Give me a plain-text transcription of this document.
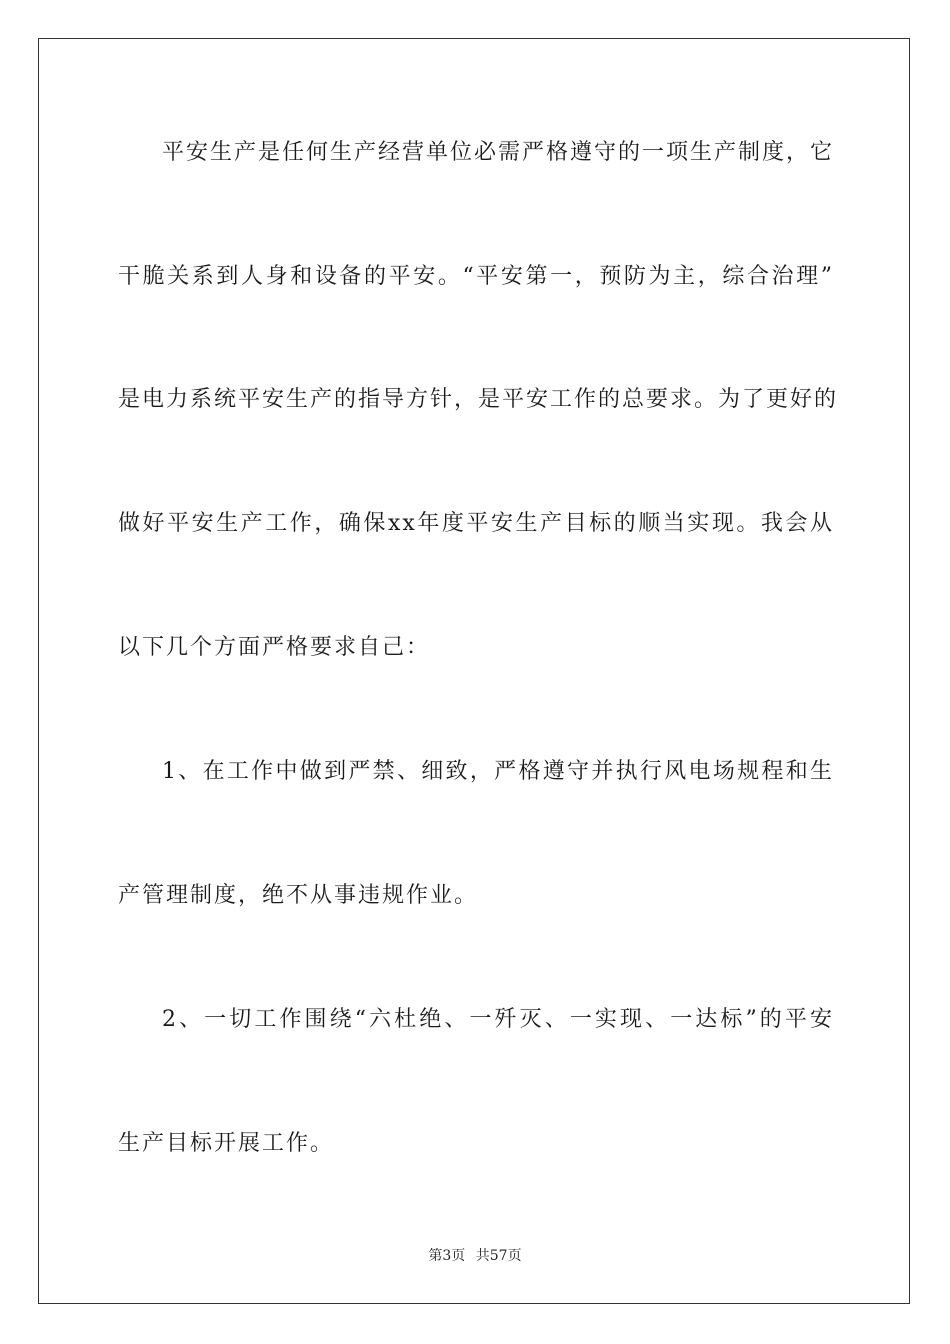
平安生产是任何生产经营单位必需严格遵守的一项生产制度，它
干脆关系到人身和设备的平安。“平安第一，预防为主，综合治理”
是电力系统平安生产的指导方针，是平安工作的总要求。为了更好的
做好平安生产工作，确保xx年度平安生产目标的顺当实现。我会从
以下几个方面严格要求自己：
1、在工作中做到严禁、细致，严格遵守并执行风电场规程和生
产管理制度，绝不从事违规作业。
2、一切工作围绕“六杜绝、一歼灭、一实现、一达标”的平安
生产目标开展工作。
第3页 共57页
